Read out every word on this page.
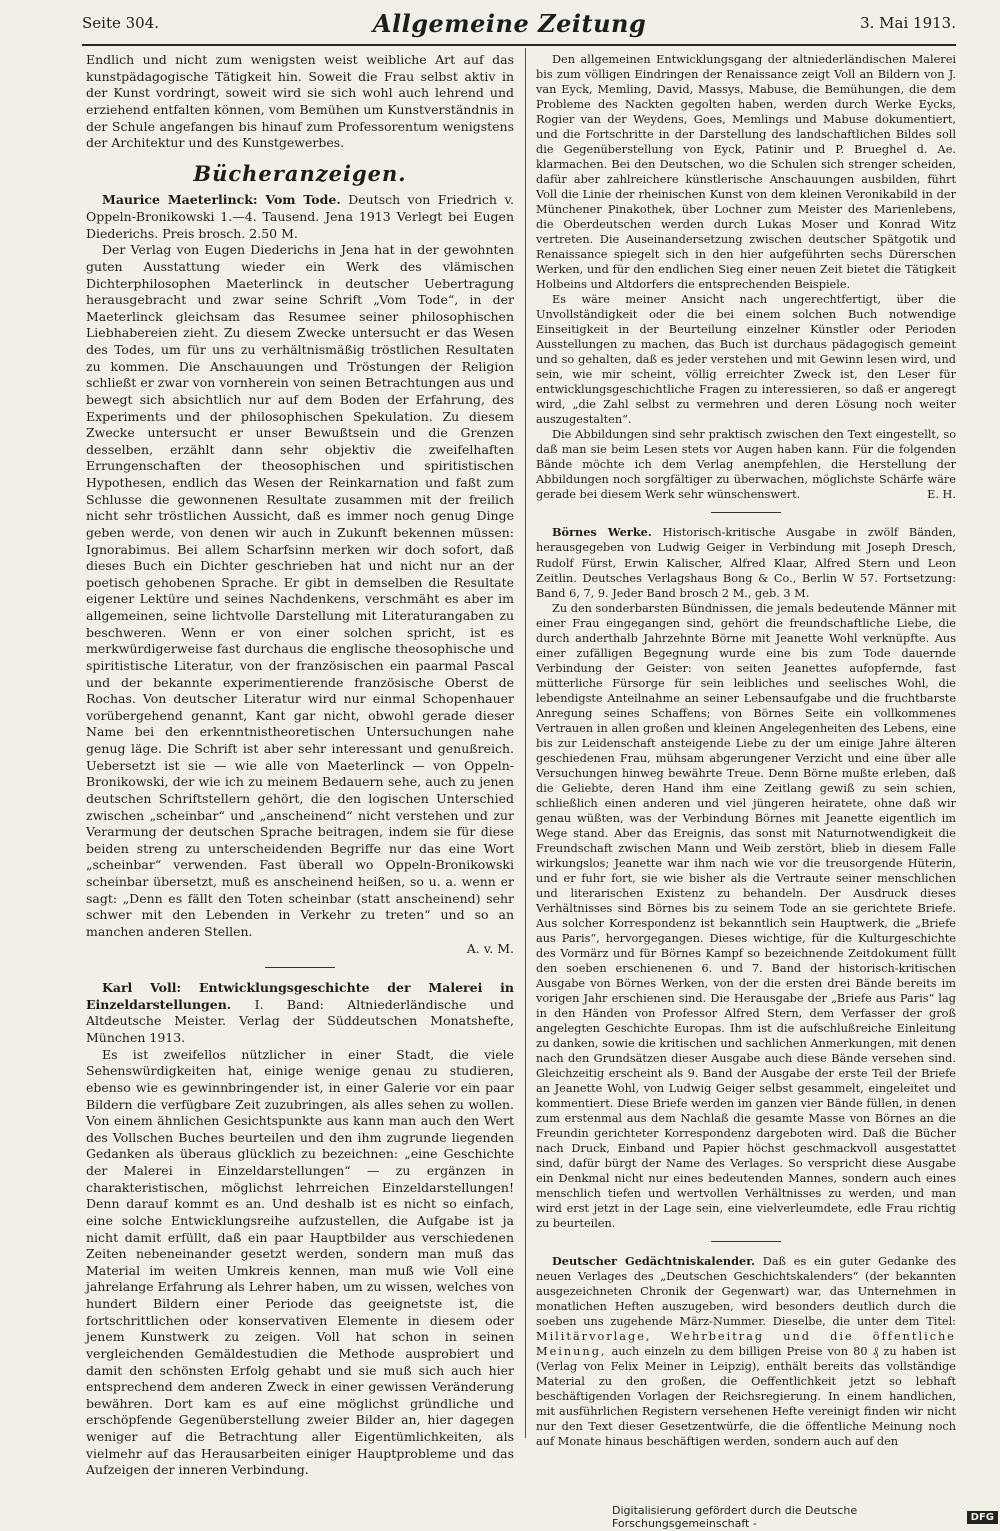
Seite 304.	Allgemeine Zeitung	3. Mai 1913.

Endlich und nicht zum wenigsten weist weibliche Art auf das kunstpädagogische Tätigkeit hin. Soweit die Frau selbst aktiv in der Kunst vordringt, soweit wird sie sich wohl auch lehrend und erziehend entfalten können, vom Bemühen um Kunstverständnis in der Schule angefangen bis hinauf zum Professorentum wenigstens der Architektur und des Kunstgewerbes.

Bücheranzeigen.

Maurice Maeterlinck: Vom Tode. Deutsch von Friedrich v. Oppeln-Bronikowski 1.—4. Tausend. Jena 1913 Verlegt bei Eugen Diederichs. Preis brosch. 2.50 M.

Der Verlag von Eugen Diederichs in Jena hat in der gewohnten guten Ausstattung wieder ein Werk des vlämischen Dichterphilosophen Maeterlinck in deutscher Uebertragung herausgebracht und zwar seine Schrift „Vom Tode“, in der Maeterlinck gleichsam das Resumee seiner philosophischen Liebhabereien zieht. Zu diesem Zwecke untersucht er das Wesen des Todes, um für uns zu verhältnismäßig tröstlichen Resultaten zu kommen. Die Anschauungen und Tröstungen der Religion schließt er zwar von vornherein von seinen Betrachtungen aus und bewegt sich absichtlich nur auf dem Boden der Erfahrung, des Experiments und der philosophischen Spekulation. Zu diesem Zwecke untersucht er unser Bewußtsein und die Grenzen desselben, erzählt dann sehr objektiv die zweifelhaften Errungenschaften der theosophischen und spiritistischen Hypothesen, endlich das Wesen der Reinkarnation und faßt zum Schlusse die gewonnenen Resultate zusammen mit der freilich nicht sehr tröstlichen Aussicht, daß es immer noch genug Dinge geben werde, von denen wir auch in Zukunft bekennen müssen: Ignorabimus. Bei allem Scharfsinn merken wir doch sofort, daß dieses Buch ein Dichter geschrieben hat und nicht nur an der poetisch gehobenen Sprache. Er gibt in demselben die Resultate eigener Lektüre und seines Nachdenkens, verschmäht es aber im allgemeinen, seine lichtvolle Darstellung mit Literaturangaben zu beschweren. Wenn er von einer solchen spricht, ist es merkwürdigerweise fast durchaus die englische theosophische und spiritistische Literatur, von der französischen ein paarmal Pascal und der bekannte experimentierende französische Oberst de Rochas. Von deutscher Literatur wird nur einmal Schopenhauer vorübergehend genannt, Kant gar nicht, obwohl gerade dieser Name bei den erkenntnistheoretischen Untersuchungen nahe genug läge. Die Schrift ist aber sehr interessant und genußreich. Uebersetzt ist sie — wie alle von Maeterlinck — von Oppeln-Bronikowski, der wie ich zu meinem Bedauern sehe, auch zu jenen deutschen Schriftstellern gehört, die den logischen Unterschied zwischen „scheinbar“ und „anscheinend“ nicht verstehen und zur Verarmung der deutschen Sprache beitragen, indem sie für diese beiden streng zu unterscheidenden Begriffe nur das eine Wort „scheinbar“ verwenden. Fast überall wo Oppeln-Bronikowski scheinbar übersetzt, muß es anscheinend heißen, so u. a. wenn er sagt: „Denn es fällt den Toten scheinbar (statt anscheinend) sehr schwer mit den Lebenden in Verkehr zu treten“ und so an manchen anderen Stellen.

A. v. M.

Karl Voll: Entwicklungsgeschichte der Malerei in Einzeldarstellungen. I. Band: Altniederländische und Altdeutsche Meister. Verlag der Süddeutschen Monatshefte, München 1913.

Es ist zweifellos nützlicher in einer Stadt, die viele Sehenswürdigkeiten hat, einige wenige genau zu studieren, ebenso wie es gewinnbringender ist, in einer Galerie vor ein paar Bildern die verfügbare Zeit zuzubringen, als alles sehen zu wollen. Von einem ähnlichen Gesichtspunkte aus kann man auch den Wert des Vollschen Buches beurteilen und den ihm zugrunde liegenden Gedanken als überaus glücklich zu bezeichnen: „eine Geschichte der Malerei in Einzeldarstellungen“ — zu ergänzen in charakteristischen, möglichst lehrreichen Einzeldarstellungen! Denn darauf kommt es an. Und deshalb ist es nicht so einfach, eine solche Entwicklungsreihe aufzustellen, die Aufgabe ist ja nicht damit erfüllt, daß ein paar Hauptbilder aus verschiedenen Zeiten nebeneinander gesetzt werden, sondern man muß das Material im weiten Umkreis kennen, man muß wie Voll eine jahrelange Erfahrung als Lehrer haben, um zu wissen, welches von hundert Bildern einer Periode das geeignetste ist, die fortschrittlichen oder konservativen Elemente in diesem oder jenem Kunstwerk zu zeigen. Voll hat schon in seinen vergleichenden Gemäldestudien die Methode ausprobiert und damit den schönsten Erfolg gehabt und sie muß sich auch hier entsprechend dem anderen Zweck in einer gewissen Veränderung bewähren. Dort kam es auf eine möglichst gründliche und erschöpfende Gegenüberstellung zweier Bilder an, hier dagegen weniger auf die Betrachtung aller Eigentümlichkeiten, als vielmehr auf das Herausarbeiten einiger Hauptprobleme und das Aufzeigen der inneren Verbindung.

Den allgemeinen Entwicklungsgang der altniederländischen Malerei bis zum völligen Eindringen der Renaissance zeigt Voll an Bildern von J. van Eyck, Memling, David, Massys, Mabuse, die Bemühungen, die dem Probleme des Nackten gegolten haben, werden durch Werke Eycks, Rogier van der Weydens, Goes, Memlings und Mabuse dokumentiert, und die Fortschritte in der Darstellung des landschaftlichen Bildes soll die Gegenüberstellung von Eyck, Patinir und P. Brueghel d. Ae. klarmachen. Bei den Deutschen, wo die Schulen sich strenger scheiden, dafür aber zahlreichere künstlerische Anschauungen ausbilden, führt Voll die Linie der rheinischen Kunst von dem kleinen Veronikabild in der Münchener Pinakothek, über Lochner zum Meister des Marienlebens, die Oberdeutschen werden durch Lukas Moser und Konrad Witz vertreten. Die Auseinandersetzung zwischen deutscher Spätgotik und Renaissance spiegelt sich in den hier aufgeführten sechs Dürerschen Werken, und für den endlichen Sieg einer neuen Zeit bietet die Tätigkeit Holbeins und Altdorfers die entsprechenden Beispiele.

Es wäre meiner Ansicht nach ungerechtfertigt, über die Unvollständigkeit oder die bei einem solchen Buch notwendige Einseitigkeit in der Beurteilung einzelner Künstler oder Perioden Ausstellungen zu machen, das Buch ist durchaus pädagogisch gemeint und so gehalten, daß es jeder verstehen und mit Gewinn lesen wird, und sein, wie mir scheint, völlig erreichter Zweck ist, den Leser für entwicklungsgeschichtliche Fragen zu interessieren, so daß er angeregt wird, „die Zahl selbst zu vermehren und deren Lösung noch weiter auszugestalten“.

Die Abbildungen sind sehr praktisch zwischen den Text eingestellt, so daß man sie beim Lesen stets vor Augen haben kann. Für die folgenden Bände möchte ich dem Verlag anempfehlen, die Herstellung der Abbildungen noch sorgfältiger zu überwachen, möglichste Schärfe wäre gerade bei diesem Werk sehr wünschenswert.	E. H.

Börnes Werke. Historisch-kritische Ausgabe in zwölf Bänden, herausgegeben von Ludwig Geiger in Verbindung mit Joseph Dresch, Rudolf Fürst, Erwin Kalischer, Alfred Klaar, Alfred Stern und Leon Zeitlin. Deutsches Verlagshaus Bong & Co., Berlin W 57. Fortsetzung: Band 6, 7, 9. Jeder Band brosch 2 M., geb. 3 M.

Zu den sonderbarsten Bündnissen, die jemals bedeutende Männer mit einer Frau eingegangen sind, gehört die freundschaftliche Liebe, die durch anderthalb Jahrzehnte Börne mit Jeanette Wohl verknüpfte. Aus einer zufälligen Begegnung wurde eine bis zum Tode dauernde Verbindung der Geister: von seiten Jeanettes aufopfernde, fast mütterliche Fürsorge für sein leibliches und seelisches Wohl, die lebendigste Anteilnahme an seiner Lebensaufgabe und die fruchtbarste Anregung seines Schaffens; von Börnes Seite ein vollkommenes Vertrauen in allen großen und kleinen Angelegenheiten des Lebens, eine bis zur Leidenschaft ansteigende Liebe zu der um einige Jahre älteren geschiedenen Frau, mühsam abgerungener Verzicht und eine über alle Versuchungen hinweg bewährte Treue. Denn Börne mußte erleben, daß die Geliebte, deren Hand ihm eine Zeitlang gewiß zu sein schien, schließlich einen anderen und viel jüngeren heiratete, ohne daß wir genau wüßten, was der Verbindung Börnes mit Jeanette eigentlich im Wege stand. Aber das Ereignis, das sonst mit Naturnotwendigkeit die Freundschaft zwischen Mann und Weib zerstört, blieb in diesem Falle wirkungslos; Jeanette war ihm nach wie vor die treusorgende Hüterin, und er fuhr fort, sie wie bisher als die Vertraute seiner menschlichen und literarischen Existenz zu behandeln. Der Ausdruck dieses Verhältnisses sind Börnes bis zu seinem Tode an sie gerichtete Briefe. Aus solcher Korrespondenz ist bekanntlich sein Hauptwerk, die „Briefe aus Paris“, hervorgegangen. Dieses wichtige, für die Kulturgeschichte des Vormärz und für Börnes Kampf so bezeichnende Zeitdokument füllt den soeben erschienenen 6. und 7. Band der historisch-kritischen Ausgabe von Börnes Werken, von der die ersten drei Bände bereits im vorigen Jahr erschienen sind. Die Herausgabe der „Briefe aus Paris“ lag in den Händen von Professor Alfred Stern, dem Verfasser der groß angelegten Geschichte Europas. Ihm ist die aufschlußreiche Einleitung zu danken, sowie die kritischen und sachlichen Anmerkungen, mit denen nach den Grundsätzen dieser Ausgabe auch diese Bände versehen sind. Gleichzeitig erscheint als 9. Band der Ausgabe der erste Teil der Briefe an Jeanette Wohl, von Ludwig Geiger selbst gesammelt, eingeleitet und kommentiert. Diese Briefe werden im ganzen vier Bände füllen, in denen zum erstenmal aus dem Nachlaß die gesamte Masse von Börnes an die Freundin gerichteter Korrespondenz dargeboten wird. Daß die Bücher nach Druck, Einband und Papier höchst geschmackvoll ausgestattet sind, dafür bürgt der Name des Verlages. So verspricht diese Ausgabe ein Denkmal nicht nur eines bedeutenden Mannes, sondern auch eines menschlich tiefen und wertvollen Verhältnisses zu werden, und man wird erst jetzt in der Lage sein, eine vielverleumdete, edle Frau richtig zu beurteilen.

Deutscher Gedächtniskalender. Daß es ein guter Gedanke des neuen Verlages des „Deutschen Geschichtskalenders“ (der bekannten ausgezeichneten Chronik der Gegenwart) war, das Unternehmen in monatlichen Heften auszugeben, wird besonders deutlich durch die soeben uns zugehende März-Nummer. Dieselbe, die unter dem Titel: Militärvorlage, Wehrbeitrag und die öffentliche Meinung, auch einzeln zu dem billigen Preise von 80 ₰ zu haben ist (Verlag von Felix Meiner in Leipzig), enthält bereits das vollständige Material zu den großen, die Oeffentlichkeit jetzt so lebhaft beschäftigenden Vorlagen der Reichsregierung. In einem handlichen, mit ausführlichen Registern versehenen Hefte vereinigt finden wir nicht nur den Text dieser Gesetzentwürfe, die die öffentliche Meinung noch auf Monate hinaus beschäftigen werden, sondern auch auf den

Digitalisierung gefördert durch die Deutsche Forschungsgemeinschaft -	DFG
